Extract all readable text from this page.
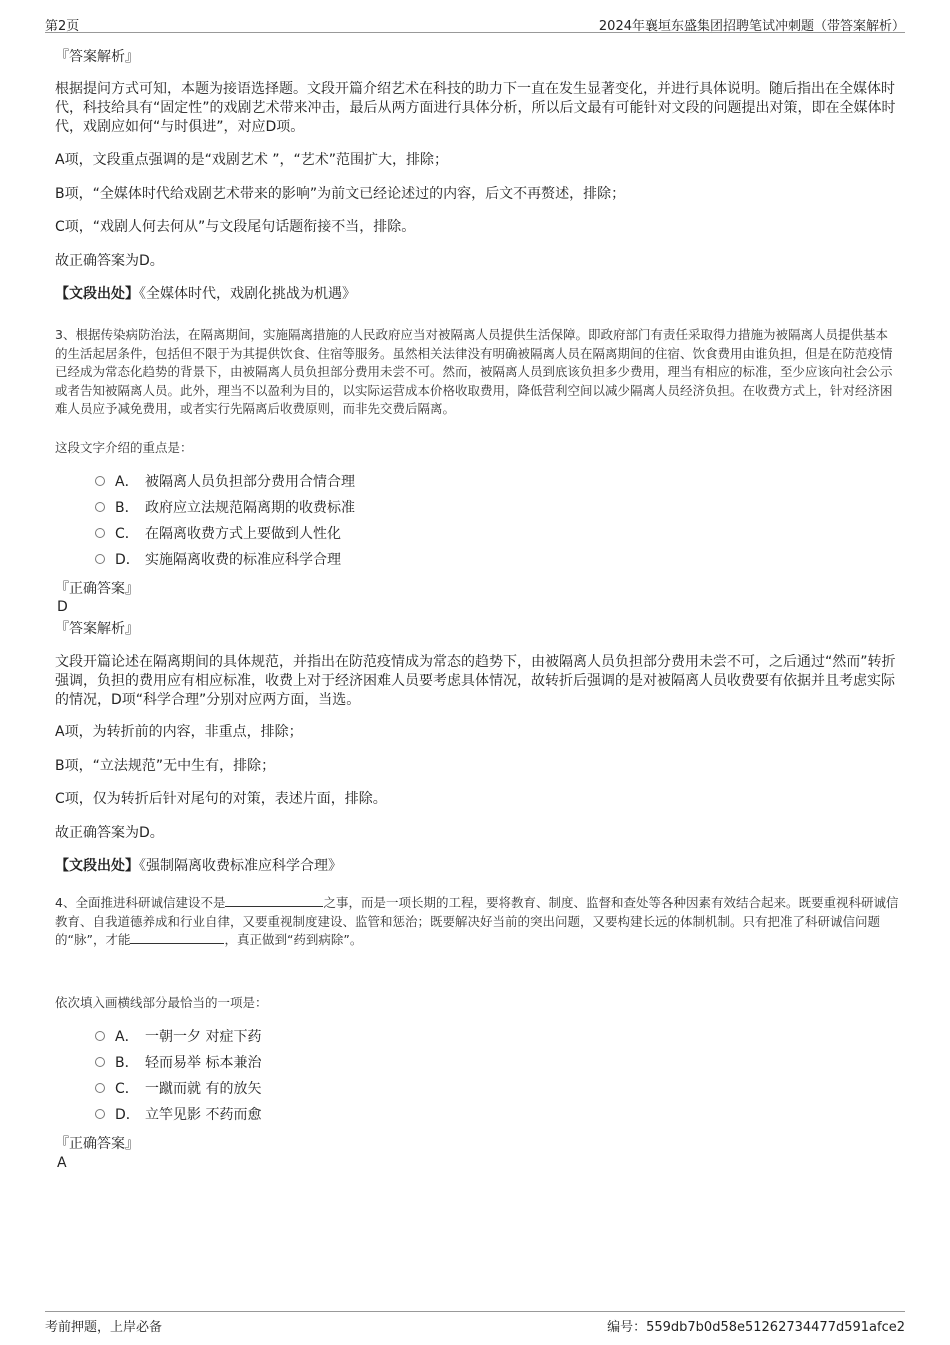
第2页	2024年襄垣东盛集团招聘笔试冲刺题（带答案解析）

『答案解析』

根据提问方式可知，本题为接语选择题。文段开篇介绍艺术在科技的助力下一直在发生显著变化，并进行具体说明。随后指出在全媒体时代，科技给具有“固定性”的戏剧艺术带来冲击，最后从两方面进行具体分析，所以后文最有可能针对文段的问题提出对策，即在全媒体时代，戏剧应如何“与时俱进”，对应D项。

A项，文段重点强调的是“戏剧艺术 ”，“艺术”范围扩大，排除；

B项，“全媒体时代给戏剧艺术带来的影响”为前文已经论述过的内容，后文不再赘述，排除；

C项，“戏剧人何去何从”与文段尾句话题衔接不当，排除。

故正确答案为D。

【文段出处】《全媒体时代，戏剧化挑战为机遇》

3、根据传染病防治法，在隔离期间，实施隔离措施的人民政府应当对被隔离人员提供生活保障。即政府部门有责任采取得力措施为被隔离人员提供基本的生活起居条件，包括但不限于为其提供饮食、住宿等服务。虽然相关法律没有明确被隔离人员在隔离期间的住宿、饮食费用由谁负担，但是在防范疫情已经成为常态化趋势的背景下，由被隔离人员负担部分费用未尝不可。然而，被隔离人员到底该负担多少费用，理当有相应的标准，至少应该向社会公示或者告知被隔离人员。此外，理当不以盈利为目的，以实际运营成本价格收取费用，降低营利空间以减少隔离人员经济负担。在收费方式上，针对经济困难人员应予减免费用，或者实行先隔离后收费原则，而非先交费后隔离。

这段文字介绍的重点是：

A． 被隔离人员负担部分费用合情合理
B． 政府应立法规范隔离期的收费标准
C． 在隔离收费方式上要做到人性化
D． 实施隔离收费的标准应科学合理

『正确答案』

D

『答案解析』

文段开篇论述在隔离期间的具体规范，并指出在防范疫情成为常态的趋势下，由被隔离人员负担部分费用未尝不可，之后通过“然而”转折强调，负担的费用应有相应标准，收费上对于经济困难人员要考虑具体情况，故转折后强调的是对被隔离人员收费要有依据并且考虑实际的情况，D项“科学合理”分别对应两方面，当选。

A项，为转折前的内容，非重点，排除；

B项，“立法规范”无中生有，排除；

C项，仅为转折后针对尾句的对策，表述片面，排除。

故正确答案为D。

【文段出处】《强制隔离收费标准应科学合理》

4、全面推进科研诚信建设不是	之事，而是一项长期的工程，要将教育、制度、监督和查处等各种因素有效结合起来。既要重视科研诚信教育、自我道德养成和行业自律，又要重视制度建设、监管和惩治；既要解决好当前的突出问题，又要构建长远的体制机制。只有把准了科研诚信问题的“脉”，才能	，真正做到“药到病除”。

依次填入画横线部分最恰当的一项是：

A． 一朝一夕 对症下药
B． 轻而易举 标本兼治
C． 一蹴而就 有的放矢
D． 立竿见影 不药而愈

『正确答案』

A

考前押题，上岸必备	编号：559db7b0d58e51262734477d591afce2
